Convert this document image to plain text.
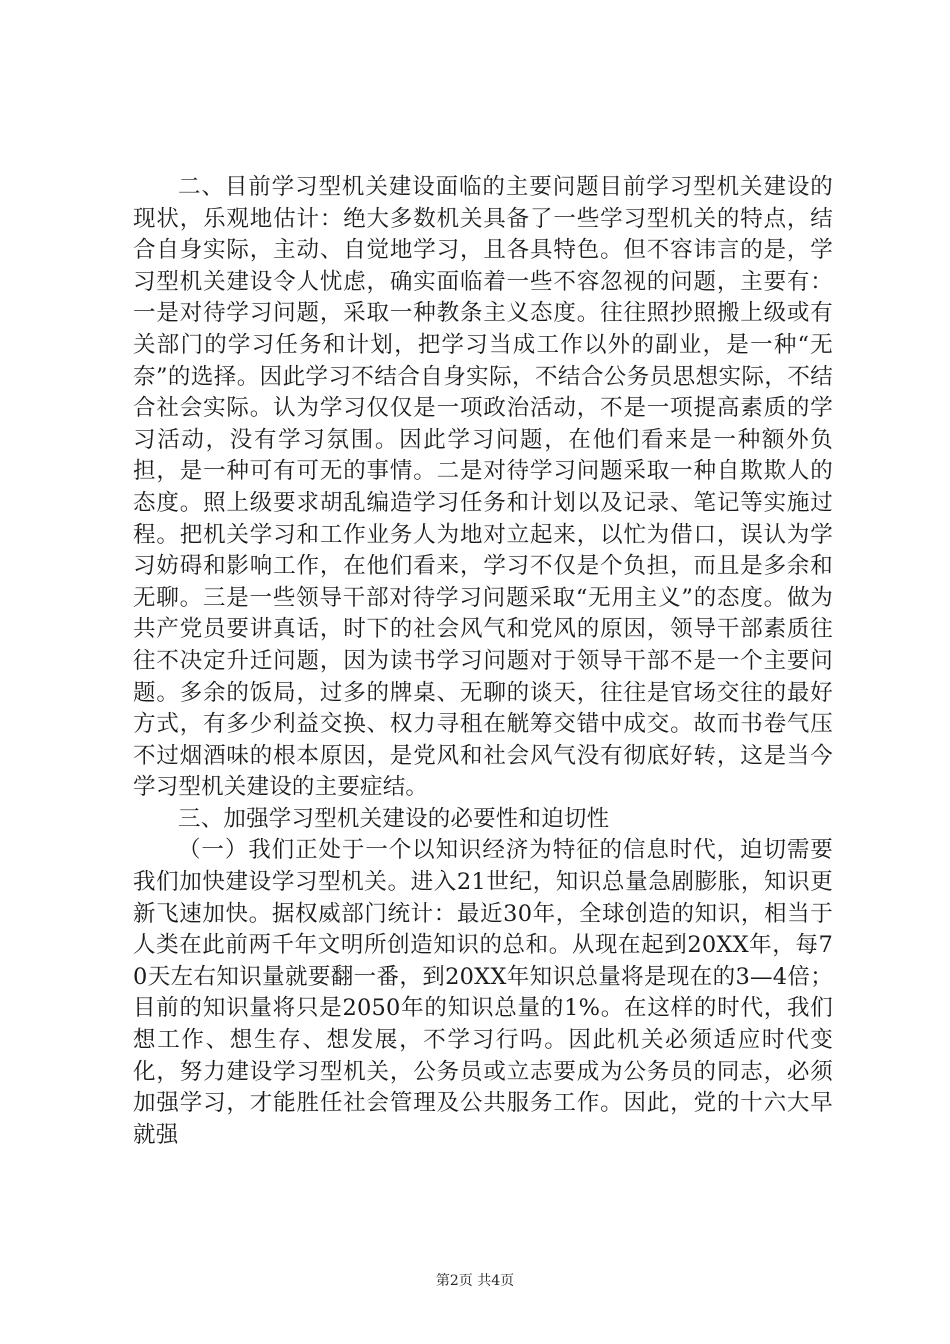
二、目前学习型机关建设面临的主要问题目前学习型机关建设的现状，乐观地估计：绝大多数机关具备了一些学习型机关的特点，结合自身实际，主动、自觉地学习，且各具特色。但不容讳言的是，学习型机关建设令人忧虑，确实面临着一些不容忽视的问题，主要有：一是对待学习问题，采取一种教条主义态度。往往照抄照搬上级或有关部门的学习任务和计划，把学习当成工作以外的副业，是一种“无奈”的选择。因此学习不结合自身实际，不结合公务员思想实际，不结合社会实际。认为学习仅仅是一项政治活动，不是一项提高素质的学习活动，没有学习氛围。因此学习问题，在他们看来是一种额外负担，是一种可有可无的事情。二是对待学习问题采取一种自欺欺人的态度。照上级要求胡乱编造学习任务和计划以及记录、笔记等实施过程。把机关学习和工作业务人为地对立起来，以忙为借口，误认为学习妨碍和影响工作，在他们看来，学习不仅是个负担，而且是多余和无聊。三是一些领导干部对待学习问题采取“无用主义”的态度。做为共产党员要讲真话，时下的社会风气和党风的原因，领导干部素质往往不决定升迁问题，因为读书学习问题对于领导干部不是一个主要问题。多余的饭局，过多的牌桌、无聊的谈天，往往是官场交往的最好方式，有多少利益交换、权力寻租在觥筹交错中成交。故而书卷气压不过烟酒味的根本原因，是党风和社会风气没有彻底好转，这是当今学习型机关建设的主要症结。

三、加强学习型机关建设的必要性和迫切性

（一）我们正处于一个以知识经济为特征的信息时代，迫切需要我们加快建设学习型机关。进入21世纪，知识总量急剧膨胀，知识更新飞速加快。据权威部门统计：最近30年，全球创造的知识，相当于人类在此前两千年文明所创造知识的总和。从现在起到20XX年，每70天左右知识量就要翻一番，到20XX年知识总量将是现在的3—4倍；目前的知识量将只是2050年的知识总量的1%。在这样的时代，我们想工作、想生存、想发展，不学习行吗。因此机关必须适应时代变化，努力建设学习型机关，公务员或立志要成为公务员的同志，必须加强学习，才能胜任社会管理及公共服务工作。因此，党的十六大早就强

第2页 共4页
